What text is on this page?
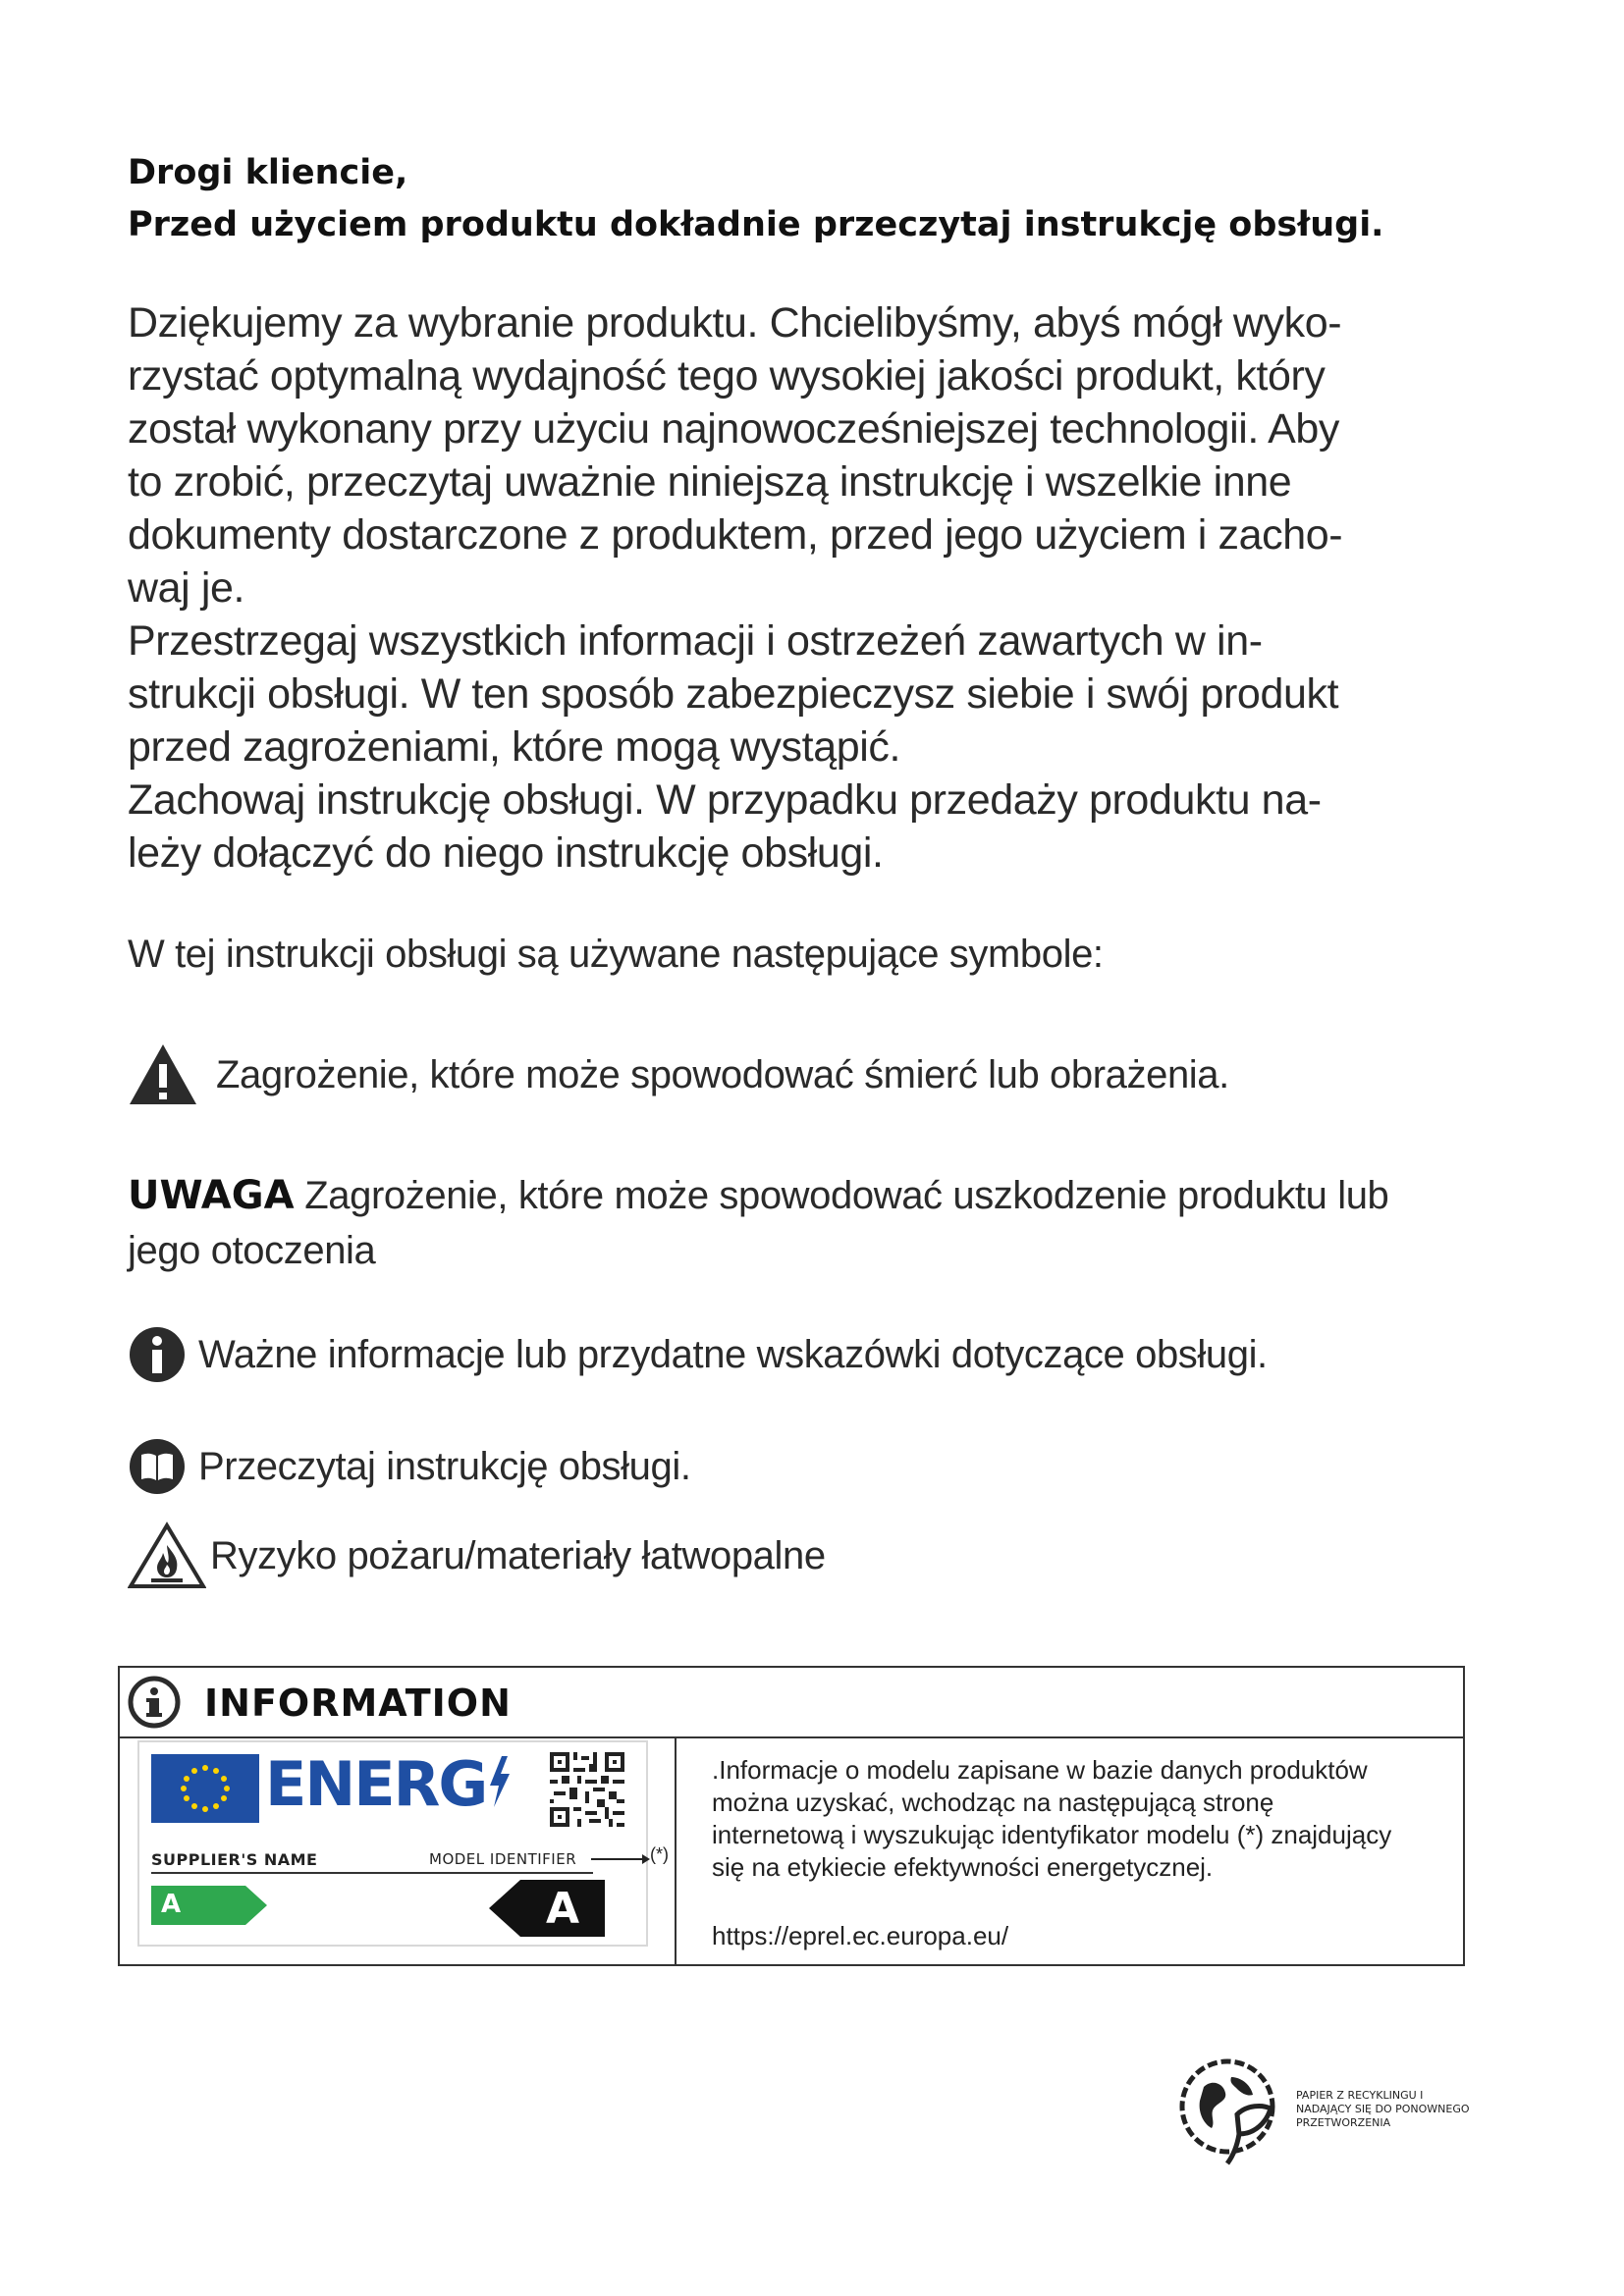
Drogi kliencie,
Przed użyciem produktu dokładnie przeczytaj instrukcję obsługi.
Dziękujemy za wybranie produktu. Chcielibyśmy, abyś mógł wyko-
rzystać optymalną wydajność tego wysokiej jakości produkt, który
został wykonany przy użyciu najnowocześniejszej technologii. Aby
to zrobić, przeczytaj uważnie niniejszą instrukcję i wszelkie inne
dokumenty dostarczone z produktem, przed jego użyciem i zacho-
waj je.
Przestrzegaj wszystkich informacji i ostrzeżeń zawartych w in-
strukcji obsługi. W ten sposób zabezpieczysz siebie i swój produkt
przed zagrożeniami, które mogą wystąpić.
Zachowaj instrukcję obsługi. W przypadku przedaży produktu na-
leży dołączyć do niego instrukcję obsługi.
W tej instrukcji obsługi są używane następujące symbole:
Zagrożenie, które może spowodować śmierć lub obrażenia.
UWAGA Zagrożenie, które może spowodować uszkodzenie produktu lub
jego otoczenia
Ważne informacje lub przydatne wskazówki dotyczące obsługi.
Przeczytaj instrukcję obsługi.
Ryzyko pożaru/materiały łatwopalne
INFORMATION
ENERG
SUPPLIER'S NAME	MODEL IDENTIFIER
A	A
(*)
.Informacje o modelu zapisane w bazie danych produktów
można uzyskać, wchodząc na następującą stronę
internetową i wyszukując identyfikator modelu (*) znajdujący
się na etykiecie efektywności energetycznej.
https://eprel.ec.europa.eu/
PAPIER Z RECYKLINGU I
NADAJĄCY SIĘ DO PONOWNEGO
PRZETWORZENIA
